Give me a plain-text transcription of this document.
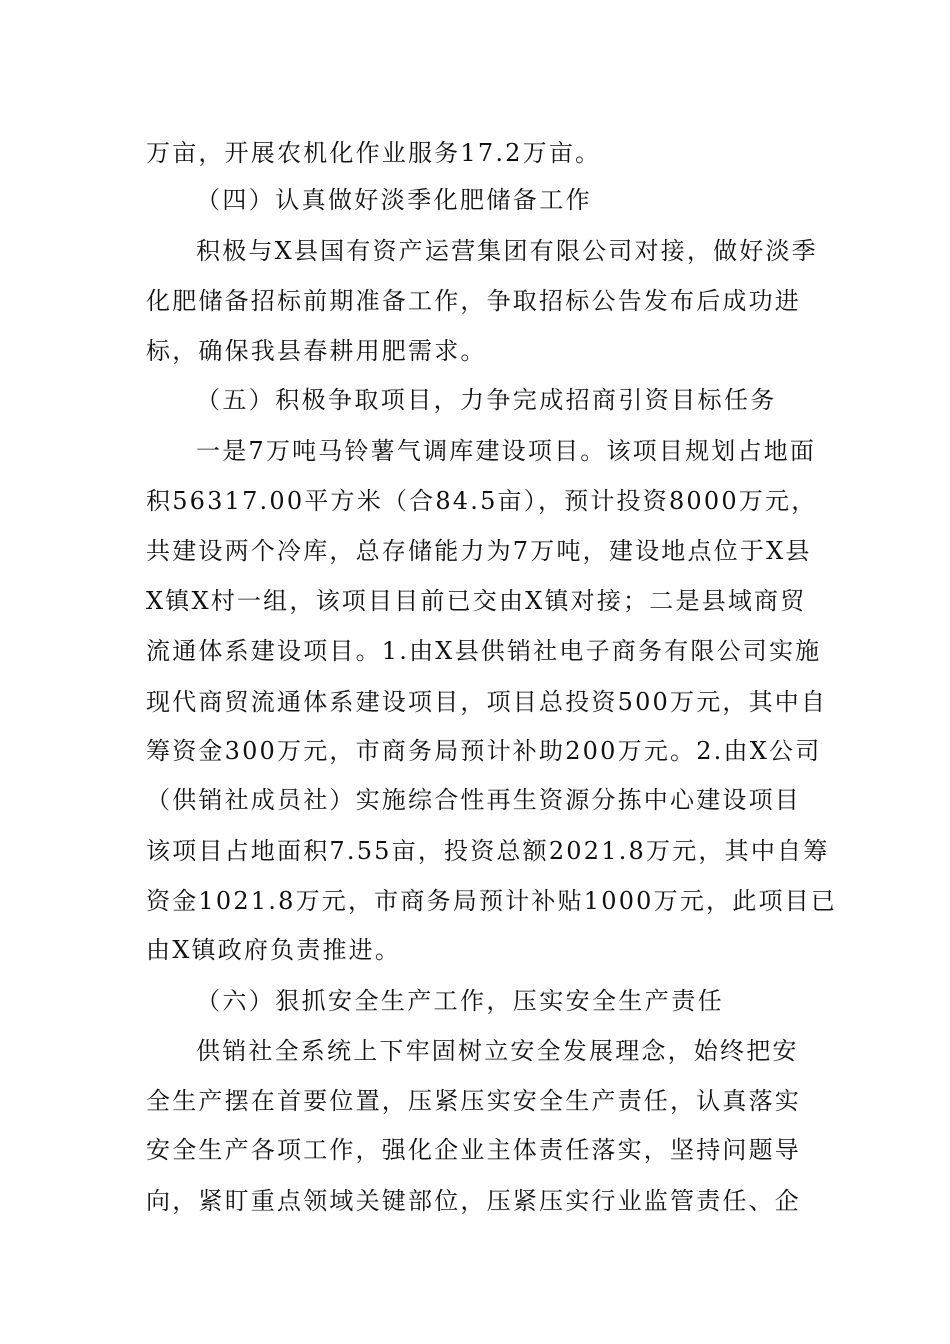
万亩，开展农机化作业服务17.2万亩。
（四）认真做好淡季化肥储备工作
积极与X县国有资产运营集团有限公司对接，做好淡季
化肥储备招标前期准备工作，争取招标公告发布后成功进
标，确保我县春耕用肥需求。
（五）积极争取项目，力争完成招商引资目标任务
一是7万吨马铃薯气调库建设项目。该项目规划占地面
积56317.00平方米（合84.5亩），预计投资8000万元，
共建设两个冷库，总存储能力为7万吨，建设地点位于X县
X镇X村一组，该项目目前已交由X镇对接；二是县域商贸
流通体系建设项目。1.由X县供销社电子商务有限公司实施
现代商贸流通体系建设项目，项目总投资500万元，其中自
筹资金300万元，市商务局预计补助200万元。2.由X公司
（供销社成员社）实施综合性再生资源分拣中心建设项目
该项目占地面积7.55亩，投资总额2021.8万元，其中自筹
资金1021.8万元，市商务局预计补贴1000万元，此项目已
由X镇政府负责推进。
（六）狠抓安全生产工作，压实安全生产责任
供销社全系统上下牢固树立安全发展理念，始终把安
全生产摆在首要位置，压紧压实安全生产责任，认真落实
安全生产各项工作，强化企业主体责任落实，坚持问题导
向，紧盯重点领域关键部位，压紧压实行业监管责任、企
